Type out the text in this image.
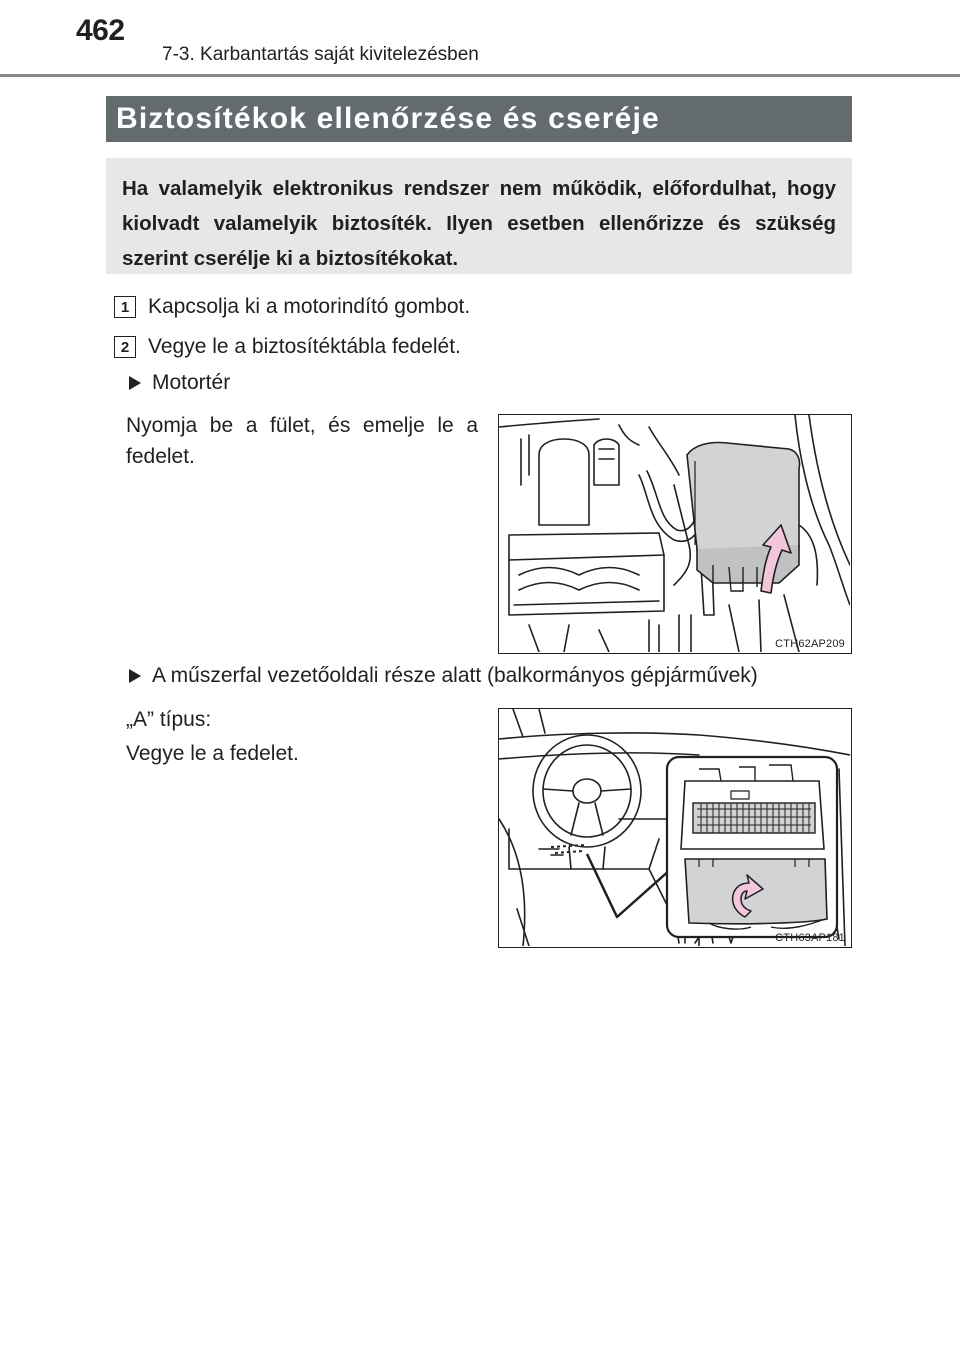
462
7-3. Karbantartás saját kivitelezésben
Biztosítékok ellenőrzése és cseréje
Ha valamelyik elektronikus rendszer nem működik, előfordulhat, hogy kiolvadt valamelyik biztosíték. Ilyen esetben ellenőrizze és szükség szerint cserélje ki a biztosítékokat.
1 Kapcsolja ki a motorindító gombot.
2 Vegye le a biztosítéktábla fedelét.
Motortér
Nyomja be a fület, és emelje le a fedelet.
CTH62AP209
A műszerfal vezetőoldali része alatt (balkormányos gépjárművek)
„A” típus:
Vegye le a fedelet.
CTH63AP181
